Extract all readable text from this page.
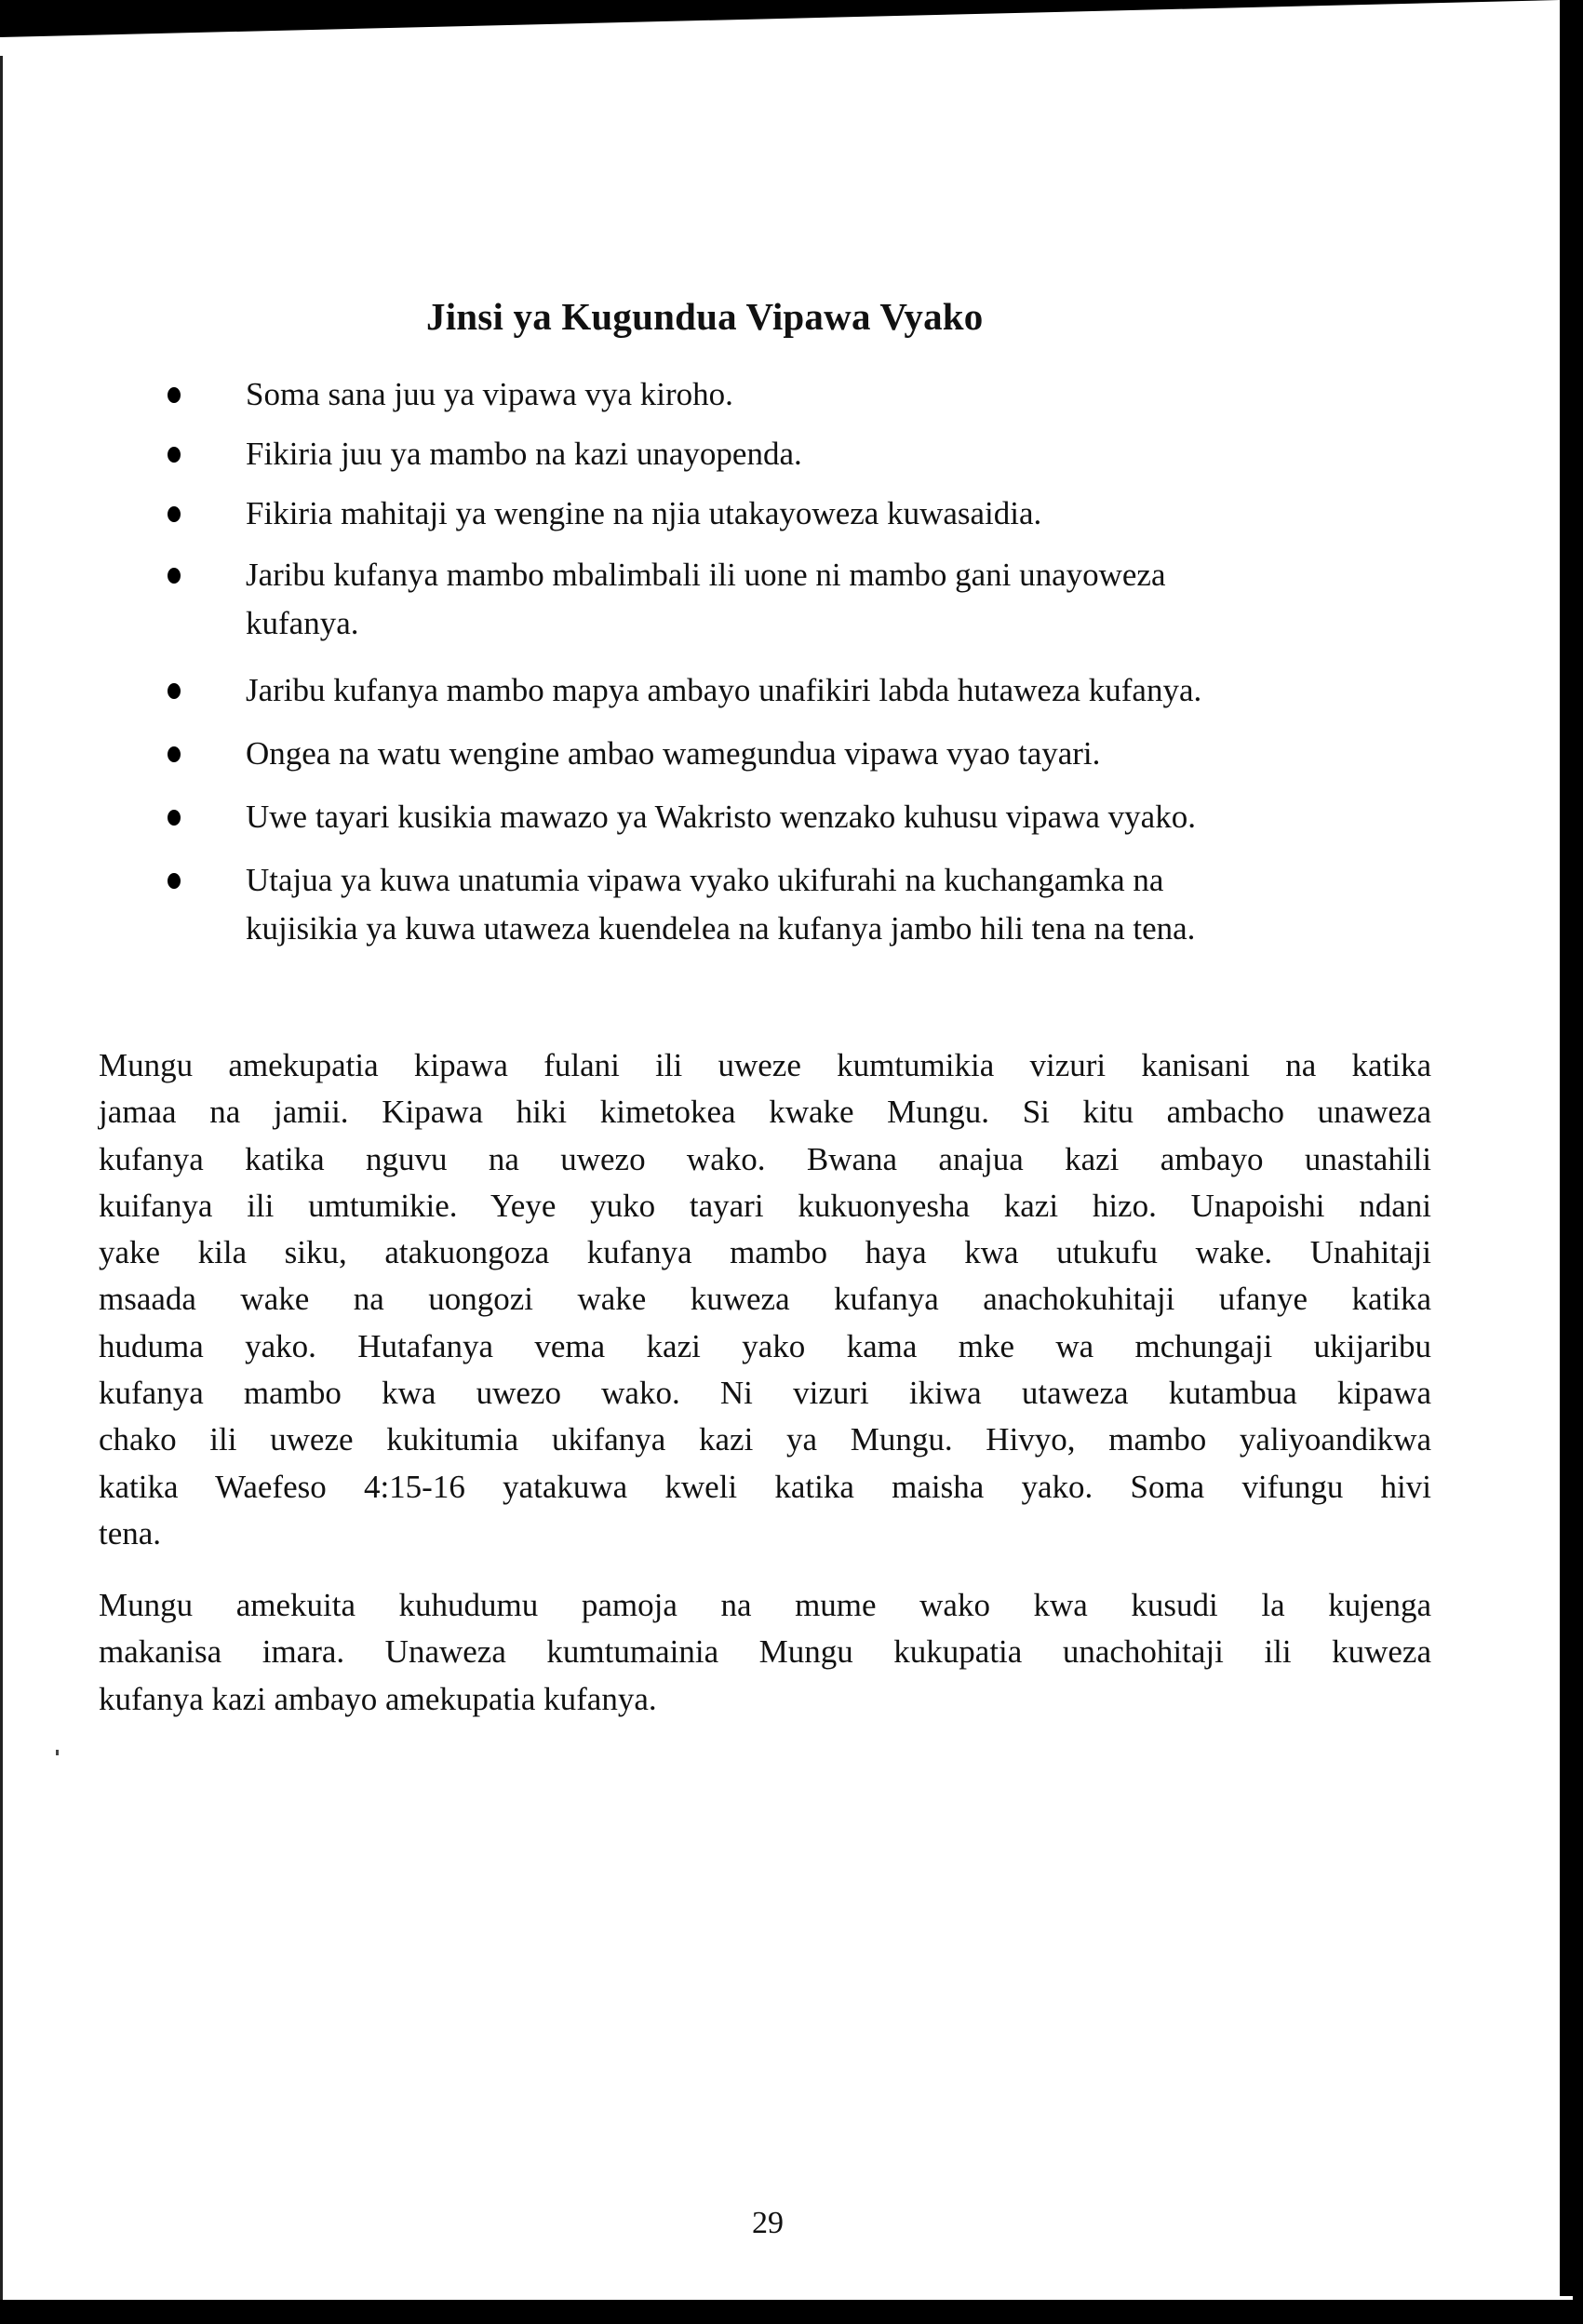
Jinsi ya Kugundua Vipawa Vyako
Soma sana juu ya vipawa vya kiroho.
Fikiria juu ya mambo na kazi unayopenda.
Fikiria mahitaji ya wengine na njia utakayoweza kuwasaidia.
Jaribu kufanya mambo mbalimbali ili uone ni mambo gani unayoweza
kufanya.
Jaribu kufanya mambo mapya ambayo unafikiri labda hutaweza kufanya.
Ongea na watu wengine ambao wamegundua vipawa vyao tayari.
Uwe tayari kusikia mawazo ya Wakristo wenzako kuhusu vipawa vyako.
Utajua ya kuwa unatumia vipawa vyako ukifurahi na kuchangamka na
kujisikia ya kuwa utaweza kuendelea na kufanya jambo hili tena na tena.
Mungu amekupatia kipawa fulani ili uweze kumtumikia vizuri kanisani na katika
jamaa na jamii. Kipawa hiki kimetokea kwake Mungu. Si kitu ambacho unaweza
kufanya katika nguvu na uwezo wako. Bwana anajua kazi ambayo unastahili
kuifanya ili umtumikie. Yeye yuko tayari kukuonyesha kazi hizo. Unapoishi ndani
yake kila siku, atakuongoza kufanya mambo haya kwa utukufu wake. Unahitaji
msaada wake na uongozi wake kuweza kufanya anachokuhitaji ufanye katika
huduma yako. Hutafanya vema kazi yako kama mke wa mchungaji ukijaribu
kufanya mambo kwa uwezo wako. Ni vizuri ikiwa utaweza kutambua kipawa
chako ili uweze kukitumia ukifanya kazi ya Mungu. Hivyo, mambo yaliyoandikwa
katika Waefeso 4:15-16 yatakuwa kweli katika maisha yako. Soma vifungu hivi
tena.
Mungu amekuita kuhudumu pamoja na mume wako kwa kusudi la kujenga
makanisa imara. Unaweza kumtumainia Mungu kukupatia unachohitaji ili kuweza
kufanya kazi ambayo amekupatia kufanya.
29
